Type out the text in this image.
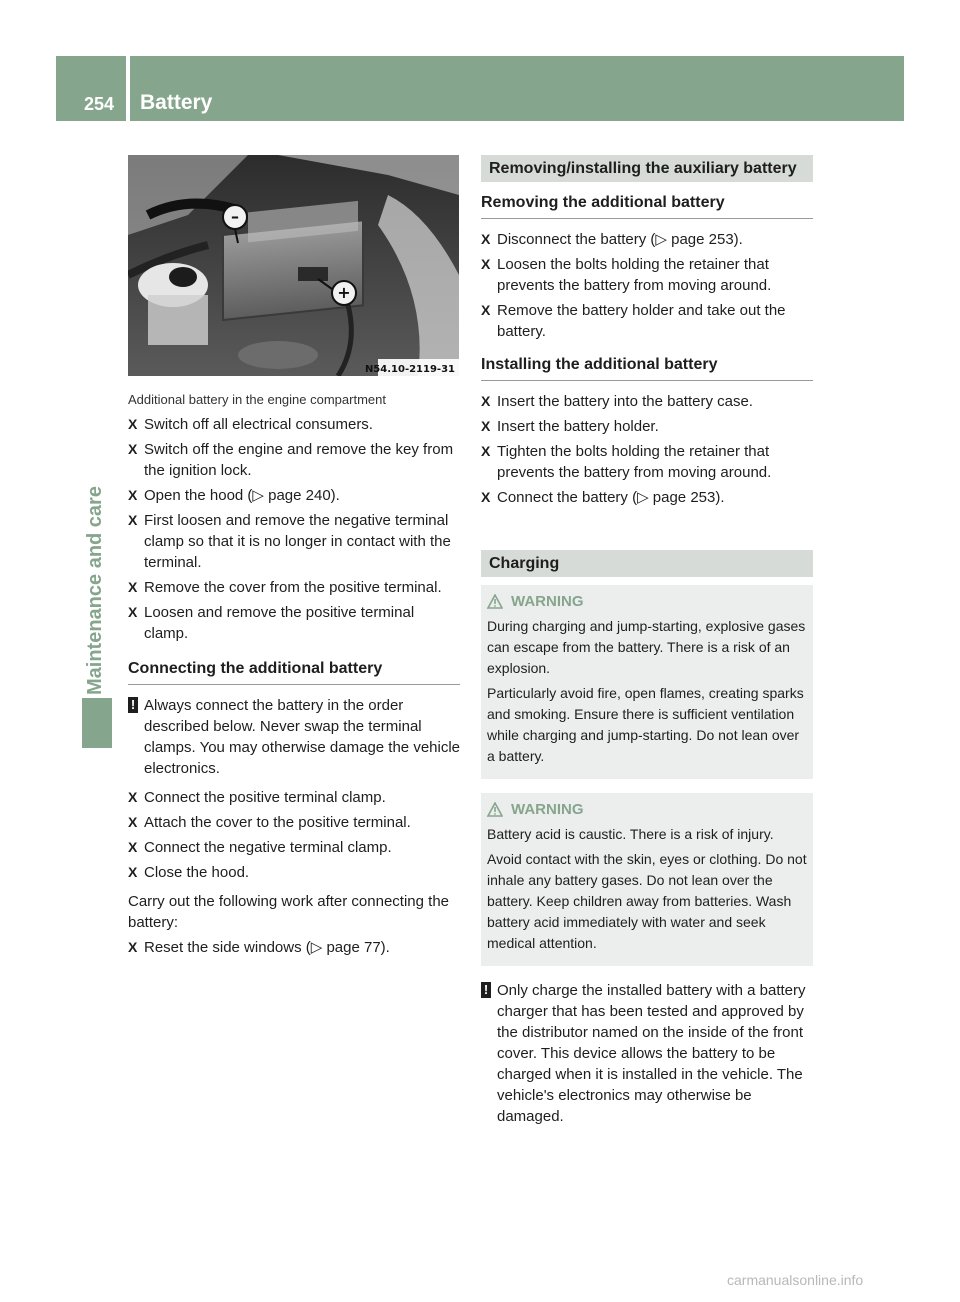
254 Battery
Maintenance and care
–
+
N54.10-2119-31
Additional battery in the engine compartment
X Switch off all electrical consumers.
X Switch off the engine and remove the key from the ignition lock.
X Open the hood (▷ page 240).
X First loosen and remove the negative terminal clamp so that it is no longer in contact with the terminal.
X Remove the cover from the positive terminal.
X Loosen and remove the positive terminal clamp.
Connecting the additional battery
! Always connect the battery in the order described below. Never swap the terminal clamps. You may otherwise damage the vehicle electronics.
X Connect the positive terminal clamp.
X Attach the cover to the positive terminal.
X Connect the negative terminal clamp.
X Close the hood.
Carry out the following work after connecting the battery:
X Reset the side windows (▷ page 77).
Removing/installing the auxiliary battery
Removing the additional battery
X Disconnect the battery (▷ page 253).
X Loosen the bolts holding the retainer that prevents the battery from moving around.
X Remove the battery holder and take out the battery.
Installing the additional battery
X Insert the battery into the battery case.
X Insert the battery holder.
X Tighten the bolts holding the retainer that prevents the battery from moving around.
X Connect the battery (▷ page 253).
Charging
WARNING

During charging and jump-starting, explosive gases can escape from the battery. There is a risk of an explosion.

Particularly avoid fire, open flames, creating sparks and smoking. Ensure there is sufficient ventilation while charging and jump-starting. Do not lean over a battery.

WARNING

Battery acid is caustic. There is a risk of injury.

Avoid contact with the skin, eyes or clothing. Do not inhale any battery gases. Do not lean over the battery. Keep children away from batteries. Wash battery acid immediately with water and seek medical attention.

! Only charge the installed battery with a battery charger that has been tested and approved by the distributor named on the inside of the front cover. This device allows the battery to be charged when it is installed in the vehicle. The vehicle's electronics may otherwise be damaged.
carmanualsonline.info
